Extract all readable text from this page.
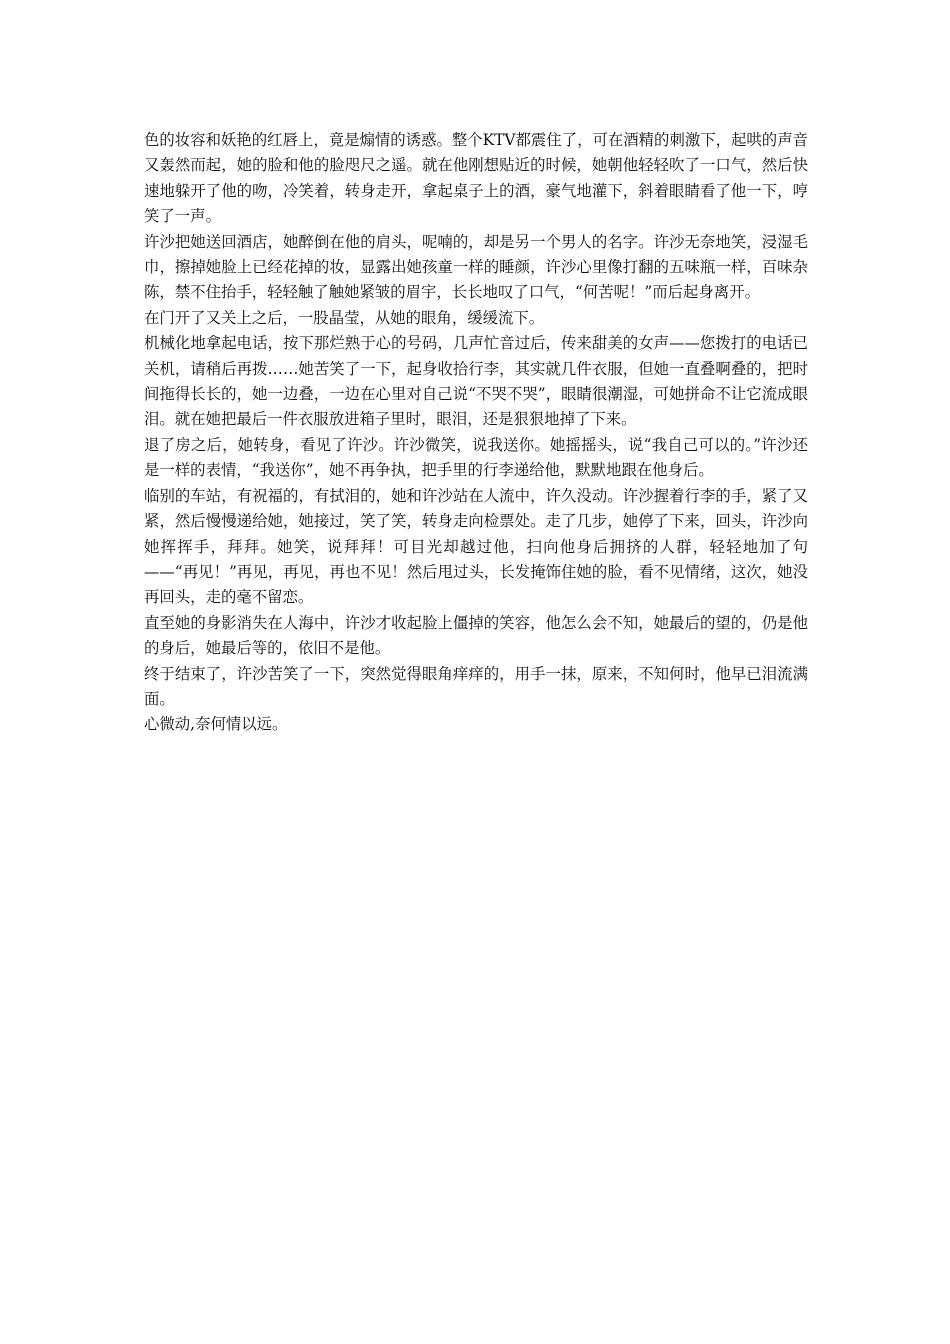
色的妆容和妖艳的红唇上，竟是煽情的诱惑。整个KTV都震住了，可在酒精的刺激下，起哄的声音又轰然而起，她的脸和他的脸咫尺之遥。就在他刚想贴近的时候，她朝他轻轻吹了一口气，然后快速地躲开了他的吻，冷笑着，转身走开，拿起桌子上的酒，豪气地灌下，斜着眼睛看了他一下，哼笑了一声。

许沙把她送回酒店，她醉倒在他的肩头，呢喃的，却是另一个男人的名字。许沙无奈地笑，浸湿毛巾，擦掉她脸上已经花掉的妆，显露出她孩童一样的睡颜，许沙心里像打翻的五味瓶一样，百味杂陈，禁不住抬手，轻轻触了触她紧皱的眉宇，长长地叹了口气，“何苦呢！”而后起身离开。

在门开了又关上之后，一股晶莹，从她的眼角，缓缓流下。

机械化地拿起电话，按下那烂熟于心的号码，几声忙音过后，传来甜美的女声——您拨打的电话已关机，请稍后再拨……她苦笑了一下，起身收拾行李，其实就几件衣服，但她一直叠啊叠的，把时间拖得长长的，她一边叠，一边在心里对自己说“不哭不哭”，眼睛很潮湿，可她拼命不让它流成眼泪。就在她把最后一件衣服放进箱子里时，眼泪，还是狠狠地掉了下来。

退了房之后，她转身，看见了许沙。许沙微笑，说我送你。她摇摇头，说“我自己可以的。”许沙还是一样的表情，“我送你”，她不再争执，把手里的行李递给他，默默地跟在他身后。

临别的车站，有祝福的，有拭泪的，她和许沙站在人流中，许久没动。许沙握着行李的手，紧了又紧，然后慢慢递给她，她接过，笑了笑，转身走向检票处。走了几步，她停了下来，回头，许沙向她挥挥手，拜拜。她笑，说拜拜！可目光却越过他，扫向他身后拥挤的人群，轻轻地加了句——“再见！”再见，再见，再也不见！然后甩过头，长发掩饰住她的脸，看不见情绪，这次，她没再回头，走的毫不留恋。

直至她的身影消失在人海中，许沙才收起脸上僵掉的笑容，他怎么会不知，她最后的望的，仍是他的身后，她最后等的，依旧不是他。

终于结束了，许沙苦笑了一下，突然觉得眼角痒痒的，用手一抹，原来，不知何时，他早已泪流满面。

心微动,奈何情以远。
